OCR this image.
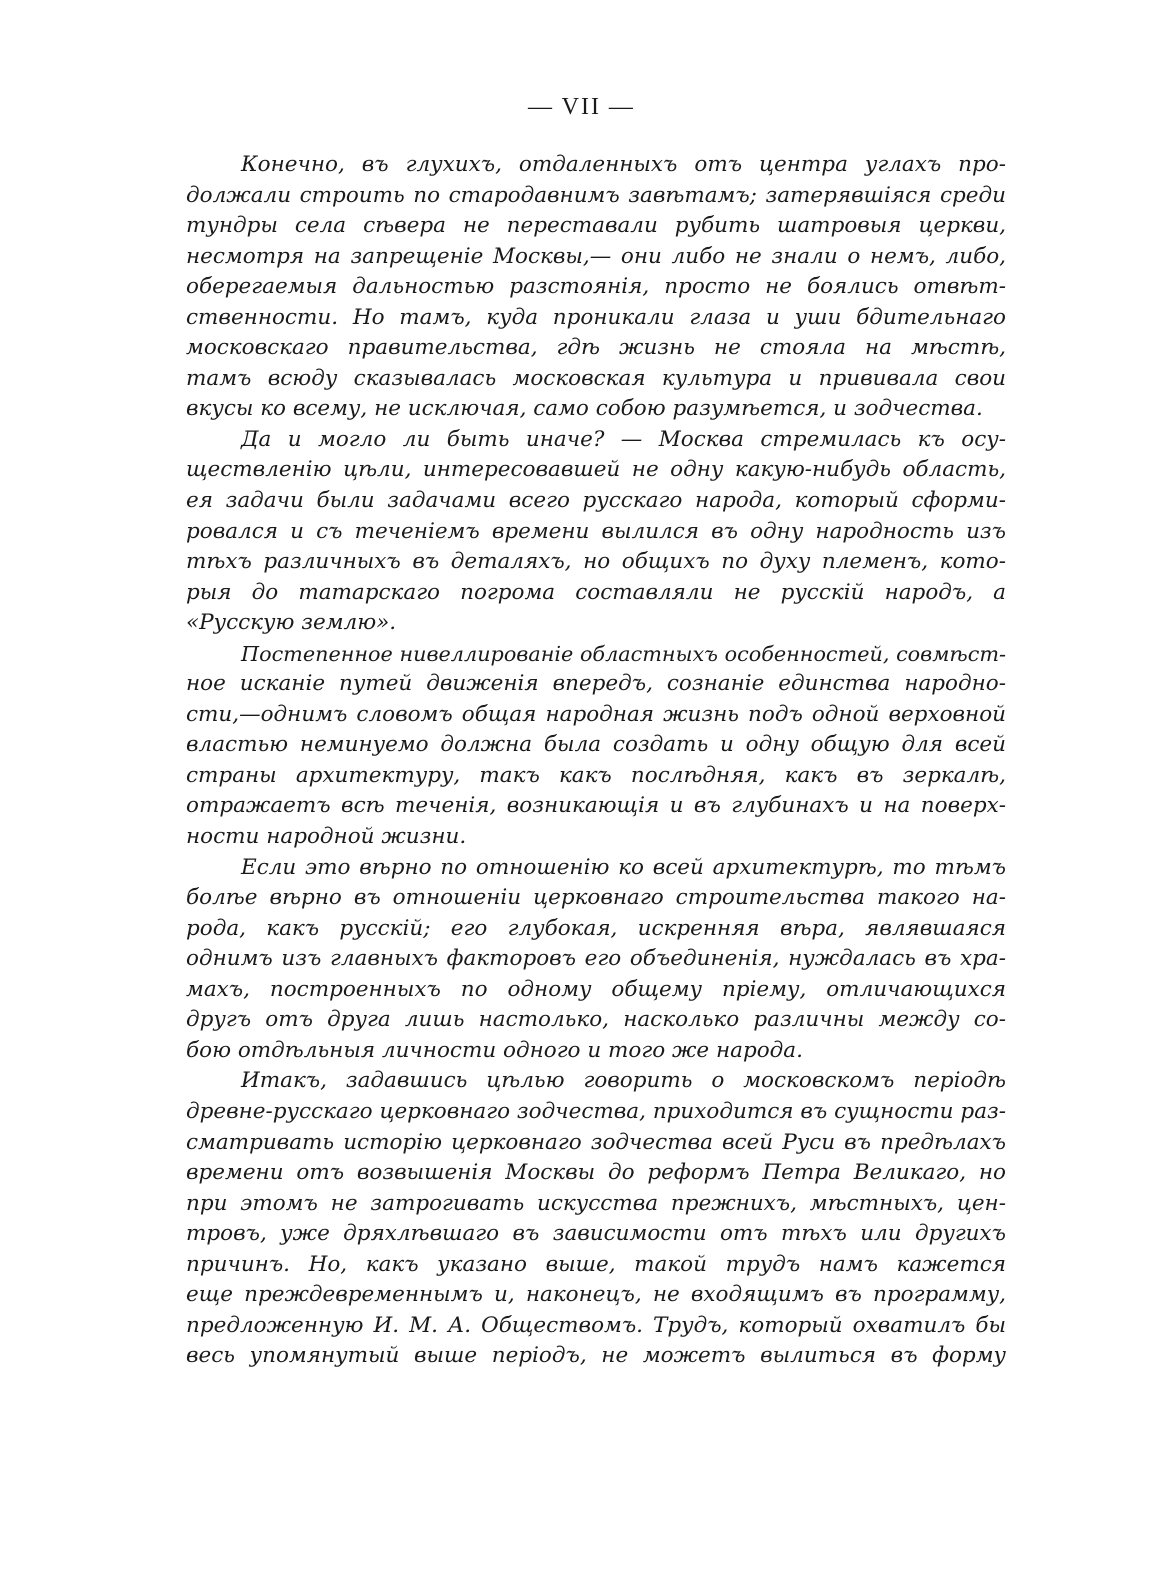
— VII —
Конечно, въ глухихъ, отдаленныхъ отъ центра углахъ про-
должали строить по стародавнимъ завѣтамъ; затерявшіяся среди
тундры села сѣвера не переставали рубить шатровыя церкви,
несмотря на запрещеніе Москвы,— они либо не знали о немъ, либо,
оберегаемыя дальностью разстоянія, просто не боялись отвѣт-
ственности. Но тамъ, куда проникали глаза и уши бдительнаго
московскаго правительства, гдѣ жизнь не стояла на мѣстѣ,
тамъ всюду сказывалась московская культура и прививала свои
вкусы ко всему, не исключая, само собою разумѣется, и зодчества.
Да и могло ли быть иначе? — Москва стремилась къ осу-
ществленію цѣли, интересовавшей не одну какую-нибудь область,
ея задачи были задачами всего русскаго народа, который сформи-
ровался и съ теченіемъ времени вылился въ одну народность изъ
тѣхъ различныхъ въ деталяхъ, но общихъ по духу племенъ, кото-
рыя до татарскаго погрома составляли не русскій народъ, а
«Русскую землю».
Постепенное нивеллированіе областныхъ особенностей, совмѣст-
ное исканіе путей движенія впередъ, сознаніе единства народно-
сти,—однимъ словомъ общая народная жизнь подъ одной верховной
властью неминуемо должна была создать и одну общую для всей
страны архитектуру, такъ какъ послѣдняя, какъ въ зеркалѣ,
отражаетъ всѣ теченія, возникающія и въ глубинахъ и на поверх-
ности народной жизни.
Если это вѣрно по отношенію ко всей архитектурѣ, то тѣмъ
болѣе вѣрно въ отношеніи церковнаго строительства такого на-
рода, какъ русскій; его глубокая, искренняя вѣра, являвшаяся
однимъ изъ главныхъ факторовъ его объединенія, нуждалась въ хра-
махъ, построенныхъ по одному общему пріему, отличающихся
другъ отъ друга лишь настолько, насколько различны между со-
бою отдѣльныя личности одного и того же народа.
Итакъ, задавшись цѣлью говорить о московскомъ періодѣ
древне-русскаго церковнаго зодчества, приходится въ сущности раз-
сматривать исторію церковнаго зодчества всей Руси въ предѣлахъ
времени отъ возвышенія Москвы до реформъ Петра Великаго, но
при этомъ не затрогивать искусства прежнихъ, мѣстныхъ, цен-
тровъ, уже дряхлѣвшаго въ зависимости отъ тѣхъ или другихъ
причинъ. Но, какъ указано выше, такой трудъ намъ кажется
еще преждевременнымъ и, наконецъ, не входящимъ въ программу,
предложенную И. М. А. Обществомъ. Трудъ, который охватилъ бы
весь упомянутый выше періодъ, не можетъ вылиться въ форму
